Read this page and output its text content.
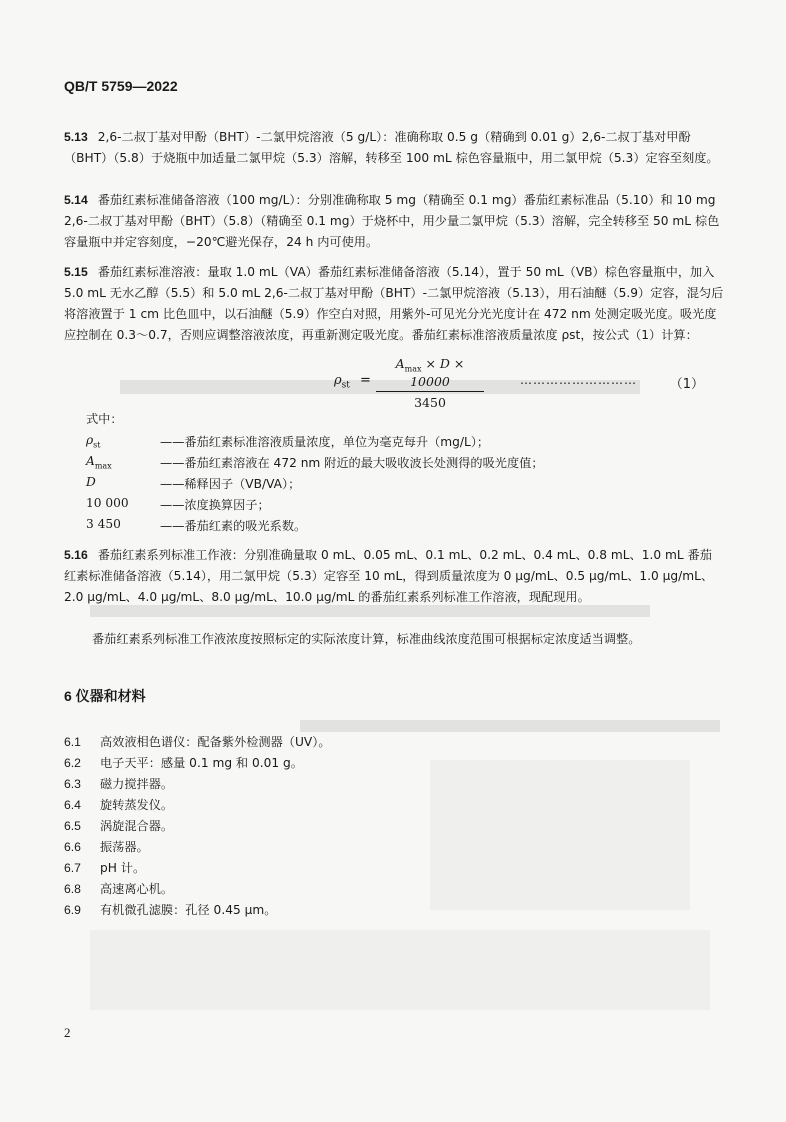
QB/T 5759—2022

5.13 2,6-二叔丁基对甲酚（BHT）-二氯甲烷溶液（5 g/L）：准确称取 0.5 g（精确到 0.01 g）2,6-二叔丁基对甲酚（BHT）（5.8）于烧瓶中加适量二氯甲烷（5.3）溶解，转移至 100 mL 棕色容量瓶中，用二氯甲烷（5.3）定容至刻度。

5.14 番茄红素标准储备溶液（100 mg/L）：分别准确称取 5 mg（精确至 0.1 mg）番茄红素标准品（5.10）和 10 mg 2,6-二叔丁基对甲酚（BHT）（5.8）（精确至 0.1 mg）于烧杯中，用少量二氯甲烷（5.3）溶解，完全转移至 50 mL 棕色容量瓶中并定容刻度，−20℃避光保存，24 h 内可使用。

5.15 番茄红素标准溶液：量取 1.0 mL（VA）番茄红素标准储备溶液（5.14），置于 50 mL（VB）棕色容量瓶中，加入 5.0 mL 无水乙醇（5.5）和 5.0 mL 2,6-二叔丁基对甲酚（BHT）-二氯甲烷溶液（5.13），用石油醚（5.9）定容，混匀后将溶液置于 1 cm 比色皿中，以石油醚（5.9）作空白对照，用紫外-可见光分光光度计在 472 nm 处测定吸光度。吸光度应控制在 0.3～0.7，否则应调整溶液浓度，再重新测定吸光度。番茄红素标准溶液质量浓度 ρst，按公式（1）计算：

$\rho_{st}$ =
$A_{max} \times D \times 10000$
3450
………………………	（1）
式中：
$\rho_{st}$	——番茄红素标准溶液质量浓度，单位为毫克每升（mg/L）；
$A_{max}$	——番茄红素溶液在 472 nm 附近的最大吸收波长处测得的吸光度值；
D	——稀释因子（VB/VA）；
10 000	——浓度换算因子；
3 450	——番茄红素的吸光系数。

5.16 番茄红素系列标准工作液：分别准确量取 0 mL、0.05 mL、0.1 mL、0.2 mL、0.4 mL、0.8 mL、1.0 mL 番茄红素标准储备溶液（5.14），用二氯甲烷（5.3）定容至 10 mL，得到质量浓度为 0 μg/mL、0.5 μg/mL、1.0 μg/mL、2.0 μg/mL、4.0 μg/mL、8.0 μg/mL、10.0 μg/mL 的番茄红素系列标准工作溶液，现配现用。

番茄红素系列标准工作液浓度按照标定的实际浓度计算，标准曲线浓度范围可根据标定浓度适当调整。

6 仪器和材料
6.1 高效液相色谱仪：配备紫外检测器（UV）。
6.2 电子天平：感量 0.1 mg 和 0.01 g。
6.3 磁力搅拌器。
6.4 旋转蒸发仪。
6.5 涡旋混合器。
6.6 振荡器。
6.7 pH 计。
6.8 高速离心机。
6.9 有机微孔滤膜：孔径 0.45 μm。
2
